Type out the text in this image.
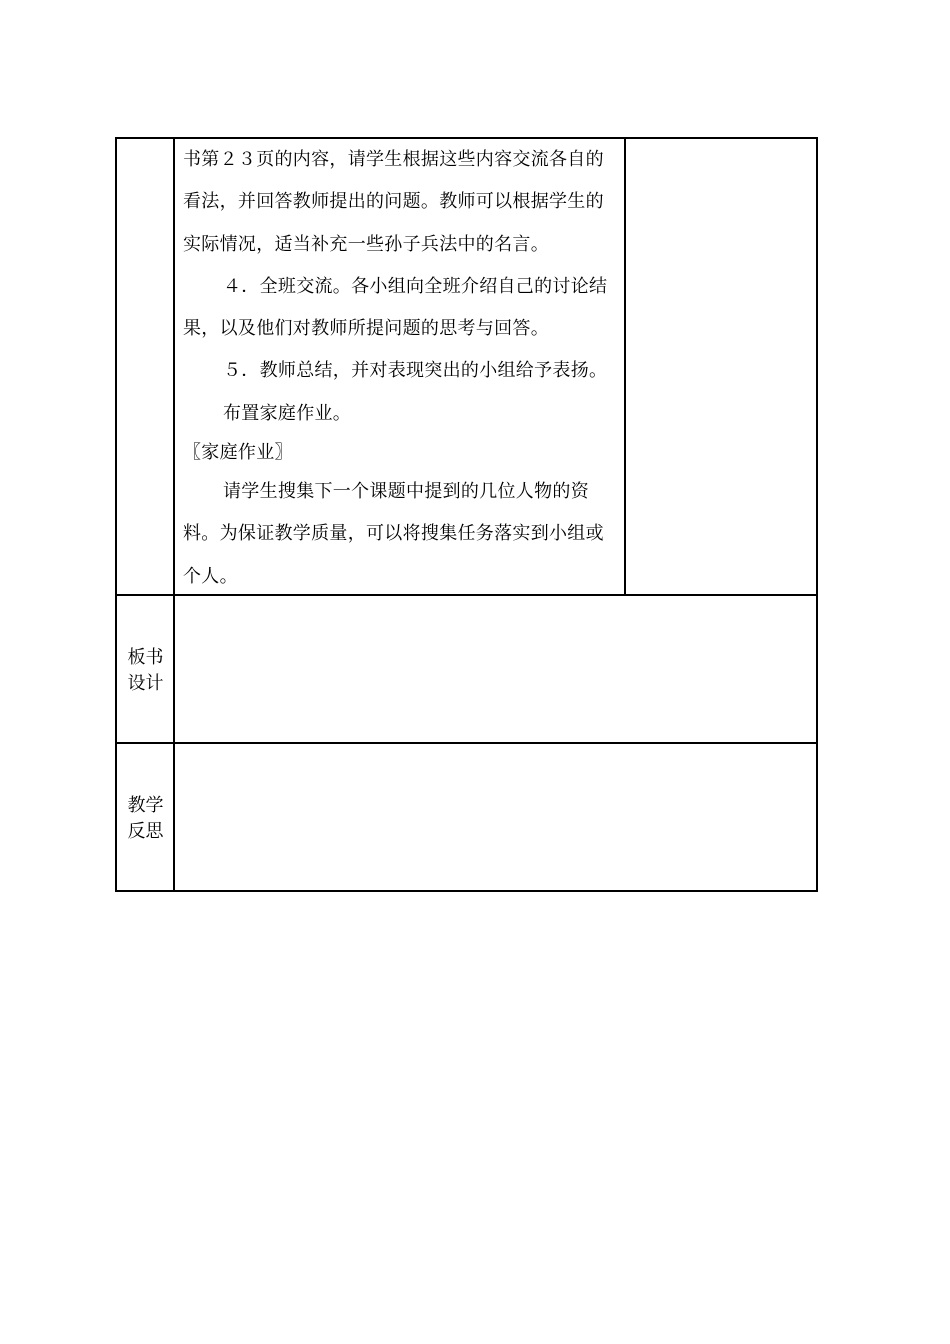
书第２３页的内容，请学生根据这些内容交流各自的
看法，并回答教师提出的问题。教师可以根据学生的
实际情况，适当补充一些孙子兵法中的名言。
４．全班交流。各小组向全班介绍自己的讨论结
果，以及他们对教师所提问题的思考与回答。
５．教师总结，并对表现突出的小组给予表扬。
布置家庭作业。
〖家庭作业〗
请学生搜集下一个课题中提到的几位人物的资
料。为保证教学质量，可以将搜集任务落实到小组或
个人。
板书
设计
教学
反思
